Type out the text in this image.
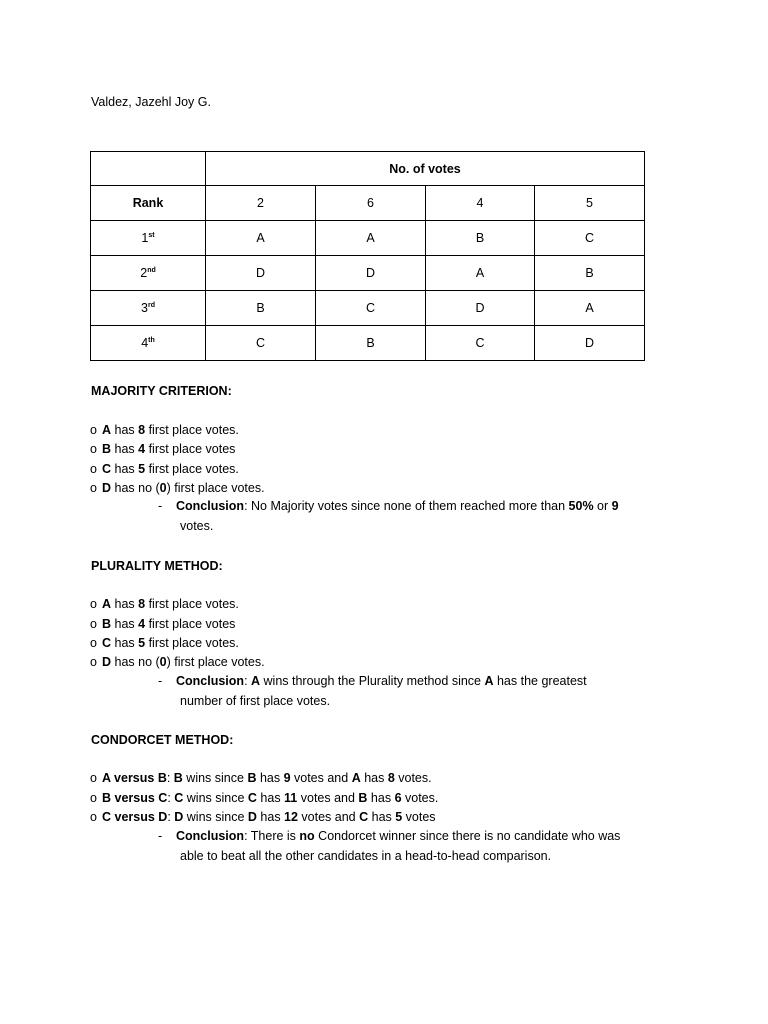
Valdez, Jazehl Joy G.
	No. of votes			
Rank	2	6	4	5
1st	A	A	B	C
2nd	D	D	A	B
3rd	B	C	D	A
4th	C	B	C	D
MAJORITY CRITERION:
o A has 8 first place votes.
o B has 4 first place votes
o C has 5 first place votes.
o D has no (0) first place votes.
- Conclusion: No Majority votes since none of them reached more than 50% or 9
votes.
PLURALITY METHOD:
o A has 8 first place votes.
o B has 4 first place votes
o C has 5 first place votes.
o D has no (0) first place votes.
- Conclusion: A wins through the Plurality method since A has the greatest
number of first place votes.
CONDORCET METHOD:
o A versus B: B wins since B has 9 votes and A has 8 votes.
o B versus C: C wins since C has 11 votes and B has 6 votes.
o C versus D: D wins since D has 12 votes and C has 5 votes
- Conclusion: There is no Condorcet winner since there is no candidate who was
able to beat all the other candidates in a head-to-head comparison.
